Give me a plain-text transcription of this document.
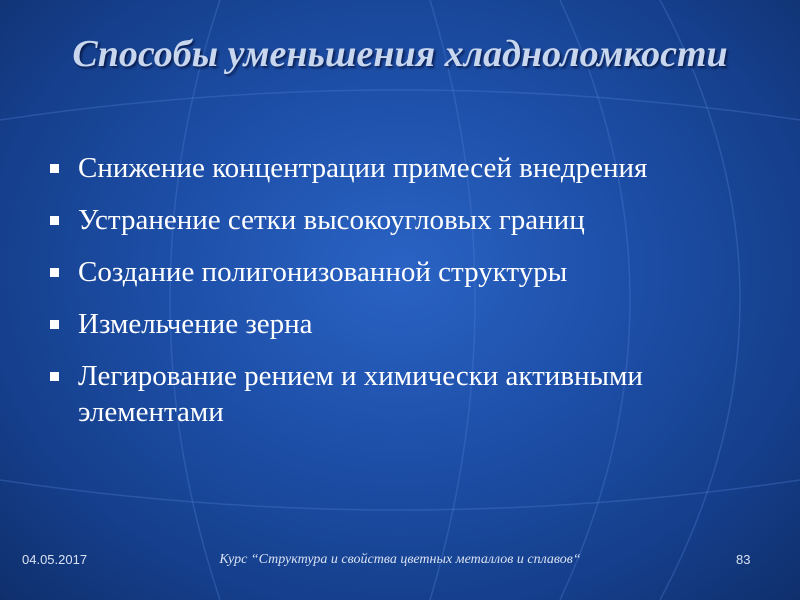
Способы уменьшения хладноломкости
Снижение концентрации примесей внедрения
Устранение сетки высокоугловых границ
Создание полигонизованной структуры
Измельчение зерна
Легирование рением и химически активными элементами
04.05.2017	Курс “Структура и свойства цветных металлов и сплавов“	83
